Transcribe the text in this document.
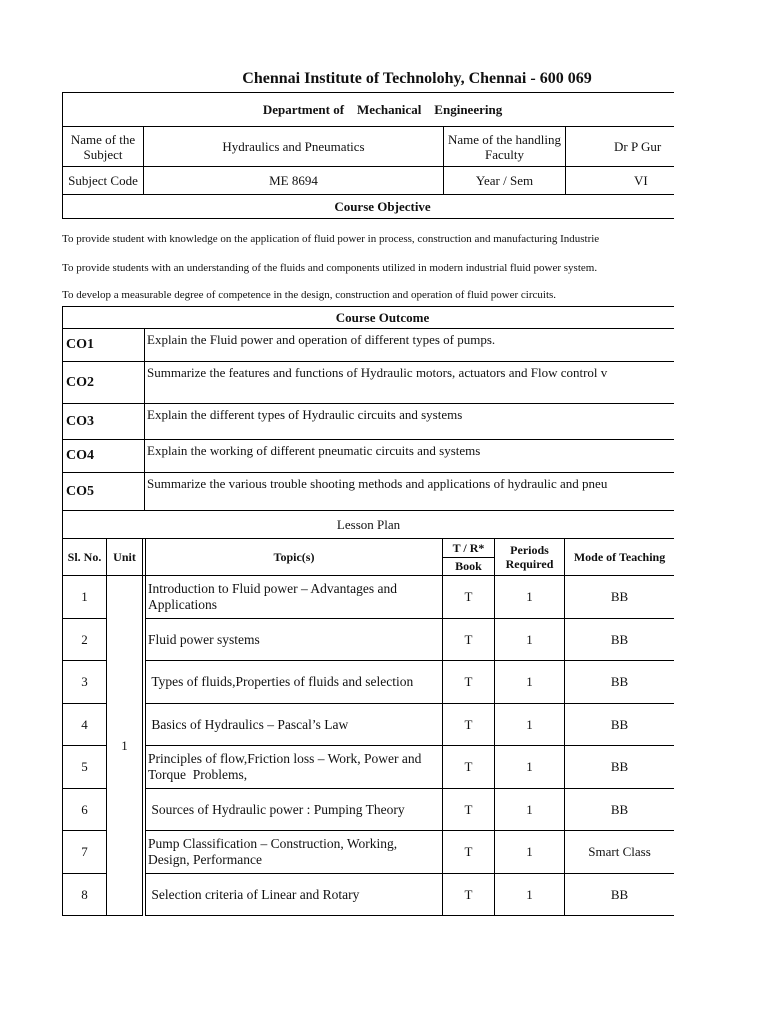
Chennai Institute of Technolohy, Chennai - 600 069
Department of    Mechanical    Engineering			
Name of the Subject	Hydraulics and Pneumatics	Name of the handling Faculty	Dr P Gur
Subject Code	ME 8694	Year / Sem	VI
Course Objective			
To provide student with knowledge on the application of fluid power in process, construction and manufacturing Industrie
To provide students with an understanding of the fluids and components utilized in modern industrial fluid power system.
To develop a measurable degree of competence in the design, construction and operation of fluid power circuits.
Course Outcome	
CO1	Explain the Fluid power and operation of different types of pumps.
CO2	Summarize the features and functions of Hydraulic motors, actuators and Flow control v
CO3	Explain the different types of Hydraulic circuits and systems
CO4	Explain the working of different pneumatic circuits and systems
CO5	Summarize the various trouble shooting methods and applications of hydraulic and pneu
Lesson Plan						
Sl. No.	Unit		Topic(s)	T / R*	Periods Required	Mode of Teaching
				Book		
1	1		Introduction to Fluid power – Advantages and Applications	T	1	BB
2			Fluid power systems	T	1	BB
3			Types of fluids,Properties of fluids and selection	T	1	BB
4			Basics of Hydraulics – Pascal’s Law	T	1	BB
5			Principles of flow,Friction loss – Work, Power and Torque  Problems,	T	1	BB
6			Sources of Hydraulic power : Pumping Theory	T	1	BB
7			Pump Classification – Construction, Working, Design, Performance	T	1	Smart Class
8			Selection criteria of Linear and Rotary	T	1	BB
